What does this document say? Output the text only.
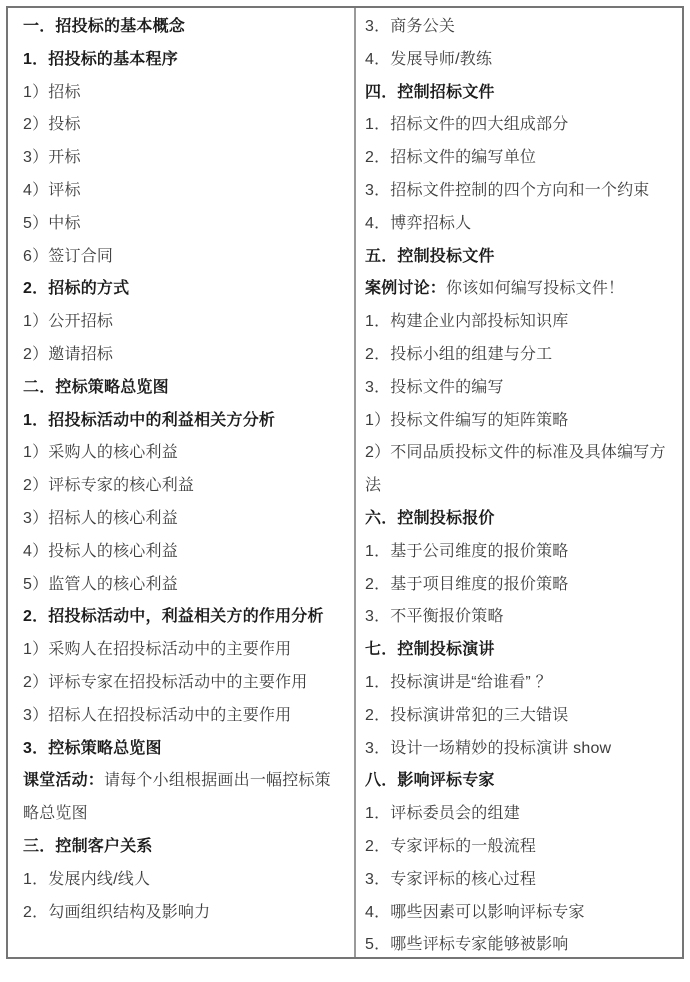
一．招投标的基本概念
1．招投标的基本程序
1）招标
2）投标
3）开标
4）评标
5）中标
6）签订合同
2．招标的方式
1）公开招标
2）邀请招标
二．控标策略总览图
1．招投标活动中的利益相关方分析
1）采购人的核心利益
2）评标专家的核心利益
3）招标人的核心利益
4）投标人的核心利益
5）监管人的核心利益
2．招投标活动中，利益相关方的作用分析
1）采购人在招投标活动中的主要作用
2）评标专家在招投标活动中的主要作用
3）招标人在招投标活动中的主要作用
3．控标策略总览图
课堂活动：请每个小组根据画出一幅控标策略总览图
三．控制客户关系
1．发展内线/线人
2．勾画组织结构及影响力
3．商务公关
4．发展导师/教练
四．控制招标文件
1．招标文件的四大组成部分
2．招标文件的编写单位
3．招标文件控制的四个方向和一个约束
4．博弈招标人
五．控制投标文件
案例讨论：你该如何编写投标文件！
1．构建企业内部投标知识库
2．投标小组的组建与分工
3．投标文件的编写
1）投标文件编写的矩阵策略
2）不同品质投标文件的标准及具体编写方法
六．控制投标报价
1．基于公司维度的报价策略
2．基于项目维度的报价策略
3．不平衡报价策略
七．控制投标演讲
1．投标演讲是“给谁看” ？
2．投标演讲常犯的三大错误
3．设计一场精妙的投标演讲 show
八．影响评标专家
1．评标委员会的组建
2．专家评标的一般流程
3．专家评标的核心过程
4．哪些因素可以影响评标专家
5．哪些评标专家能够被影响
